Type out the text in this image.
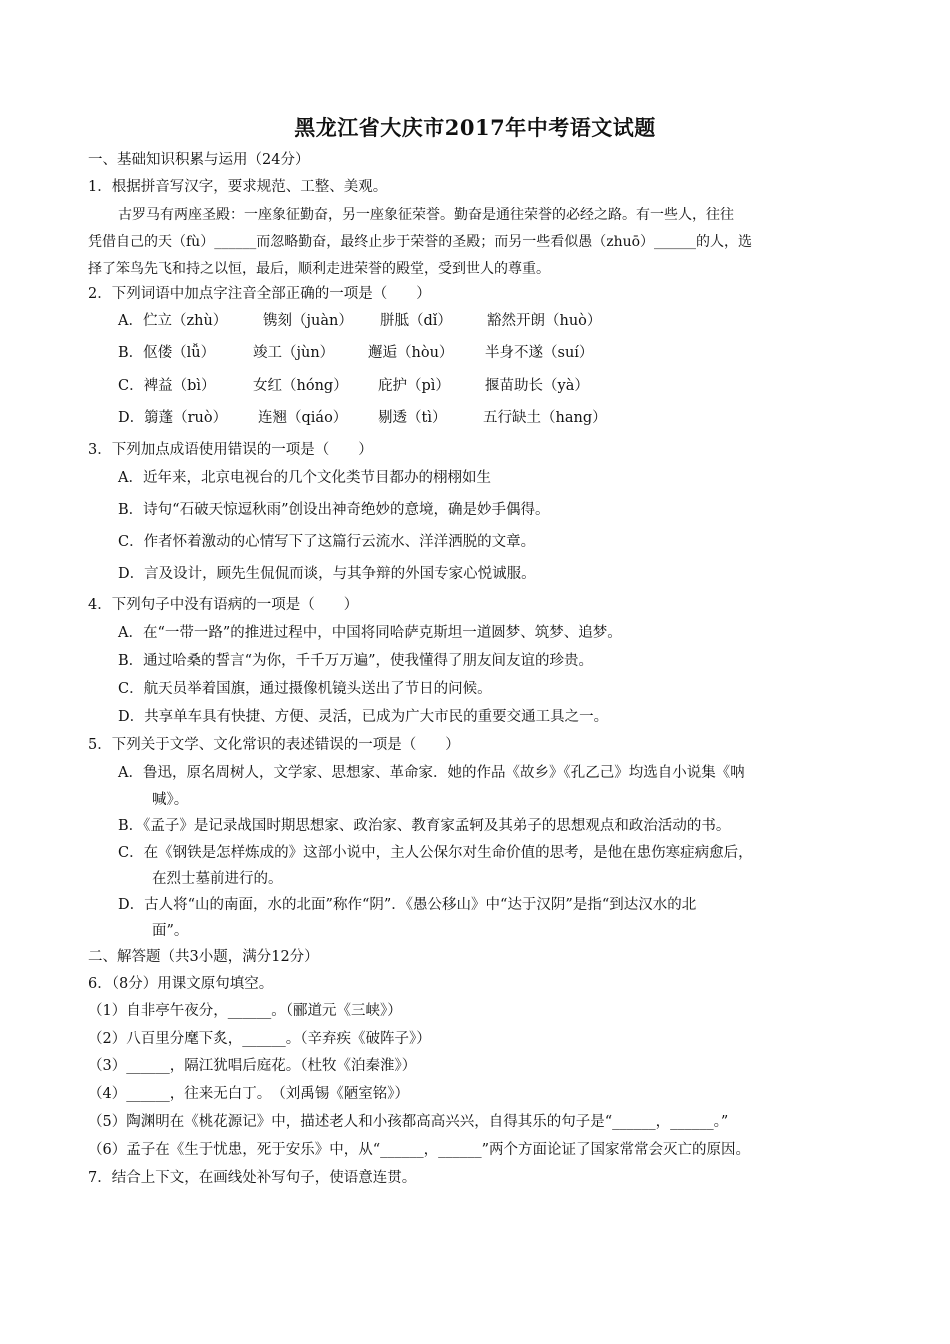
黑龙江省大庆市2017年中考语文试题
一、基础知识积累与运用（24分）
1．根据拼音写汉字，要求规范、工整、美观。
古罗马有两座圣殿：一座象征勤奋，另一座象征荣誉。勤奋是通往荣誉的必经之路。有一些人，往往
凭借自己的天（fù）______而忽略勤奋，最终止步于荣誉的圣殿；而另一些看似愚（zhuō）______的人，选
择了笨鸟先飞和持之以恒，最后，顺利走进荣誉的殿堂，受到世人的尊重。
2．下列词语中加点字注音全部正确的一项是（　　）
A．伫立（zhù） 镌刻（juàn） 胼胝（dǐ） 豁然开朗（huò）
B．伛偻（lǚ）	竣工（jùn） 邂逅（hòu） 半身不遂（suí）
C．裨益（bì）	女红（hóng） 庇护（pì） 揠苗助长（yà）
D．篛蓬（ruò） 连翘（qiáo） 剔透（tì）	五行缺土（hang）
3．下列加点成语使用错误的一项是（　　）
A．近年来，北京电视台的几个文化类节目都办的栩栩如生
B．诗句“石破天惊逗秋雨”创设出神奇绝妙的意境，确是妙手偶得。
C．作者怀着激动的心情写下了这篇行云流水、洋洋洒脱的文章。
D．言及设计，顾先生侃侃而谈，与其争辩的外国专家心悦诚服。
4．下列句子中没有语病的一项是（　　）
A．在“一带一路”的推进过程中，中国将同哈萨克斯坦一道圆梦、筑梦、追梦。
B．通过哈桑的誓言“为你，千千万万遍”，使我懂得了朋友间友谊的珍贵。
C．航天员举着国旗，通过摄像机镜头送出了节日的问候。
D．共享单车具有快捷、方便、灵活，已成为广大市民的重要交通工具之一。
5．下列关于文学、文化常识的表述错误的一项是（　　）
A．鲁迅，原名周树人，文学家、思想家、革命家．她的作品《故乡》《孔乙己》均选自小说集《呐
喊》。
B．《孟子》是记录战国时期思想家、政治家、教育家孟轲及其弟子的思想观点和政治活动的书。
C．在《钢铁是怎样炼成的》这部小说中，主人公保尔对生命价值的思考，是他在患伤寒症病愈后，
在烈士墓前进行的。
D．古人将“山的南面，水的北面”称作“阴”．《愚公移山》中“达于汉阴”是指“到达汉水的北
面”。
二、解答题（共3小题，满分12分）
6．（8分）用课文原句填空。
（1）自非亭午夜分，______。（郦道元《三峡》）
（2）八百里分麾下炙，______。（辛弃疾《破阵子》）
（3）______，隔江犹唱后庭花。（杜牧《泊秦淮》）
（4）______，往来无白丁。　（刘禹锡《陋室铭》）
（5）陶渊明在《桃花源记》中，描述老人和小孩都高高兴兴，自得其乐的句子是“______，______。”
（6）孟子在《生于忧患，死于安乐》中，从“______，______”两个方面论证了国家常常会灭亡的原因。
7．结合上下文，在画线处补写句子，使语意连贯。
